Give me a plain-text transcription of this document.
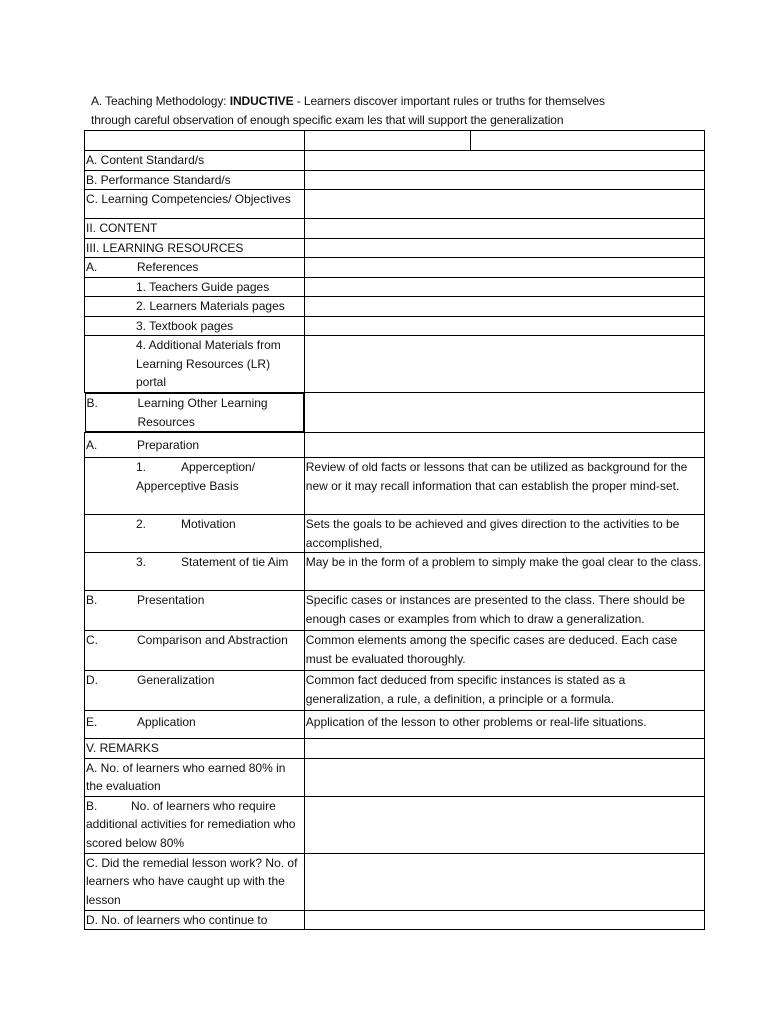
A. Teaching Methodology: INDUCTIVE - Learners discover important rules or truths for themselves
through careful observation of enough specific exam les that will support the generalization

A. Content Standard/s		
B. Performance Standard/s		
C. Learning Competencies/ Objectives		
II. CONTENT		
III. LEARNING RESOURCES		
A. References		
1. Teachers Guide pages		
2. Learners Materials pages		
3. Textbook pages		
4. Additional Materials from Learning Resources (LR) portal		

B.	Learning Other Learning Resources

A. Preparation		
1. Apperception/ Apperceptive Basis	Review of old facts or lessons that can be utilized as background for the new or it may recall information that can establish the proper mind-set.	
2. Motivation	Sets the goals to be achieved and gives direction to the activities to be accomplished,	
3. Statement of tie Aim	May be in the form of a problem to simply make the goal clear to the class.	
B. Presentation	Specific cases or instances are presented to the class. There should be enough cases or examples from which to draw a generalization.	
C. Comparison and Abstraction	Common elements among the specific cases are deduced. Each case must be evaluated thoroughly.	
D. Generalization	Common fact deduced from specific instances is stated as a generalization, a rule, a definition, a principle or a formula.	
E. Application	Application of the lesson to other problems or real-life situations.	
V. REMARKS		
A. No. of learners who earned 80% in the evaluation		
B. No. of learners who require additional activities for remediation who scored below 80%		
C. Did the remedial lesson work? No. of learners who have caught up with the lesson		
D. No. of learners who continue to		
